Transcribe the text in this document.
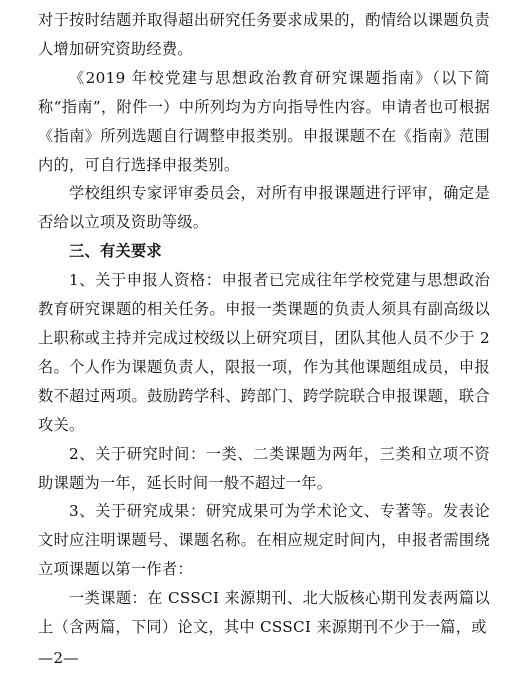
对于按时结题并取得超出研究任务要求成果的，酌情给以课题负责人增加研究资助经费。

《2019 年校党建与思想政治教育研究课题指南》（以下简称“指南”，附件一）中所列均为方向指导性内容。申请者也可根据《指南》所列选题自行调整申报类别。申报课题不在《指南》范围内的，可自行选择申报类别。

学校组织专家评审委员会，对所有申报课题进行评审，确定是否给以立项及资助等级。

三、有关要求

1、关于申报人资格：申报者已完成往年学校党建与思想政治教育研究课题的相关任务。申报一类课题的负责人须具有副高级以上职称或主持并完成过校级以上研究项目，团队其他人员不少于 2 名。个人作为课题负责人，限报一项，作为其他课题组成员，申报数不超过两项。鼓励跨学科、跨部门、跨学院联合申报课题，联合攻关。

2、关于研究时间：一类、二类课题为两年，三类和立项不资助课题为一年，延长时间一般不超过一年。

3、关于研究成果：研究成果可为学术论文、专著等。发表论文时应注明课题号、课题名称。在相应规定时间内，申报者需围绕立项课题以第一作者：

一类课题：在 CSSCI 来源期刊、北大版核心期刊发表两篇以上（含两篇，下同）论文，其中 CSSCI 来源期刊不少于一篇，或

—2—
